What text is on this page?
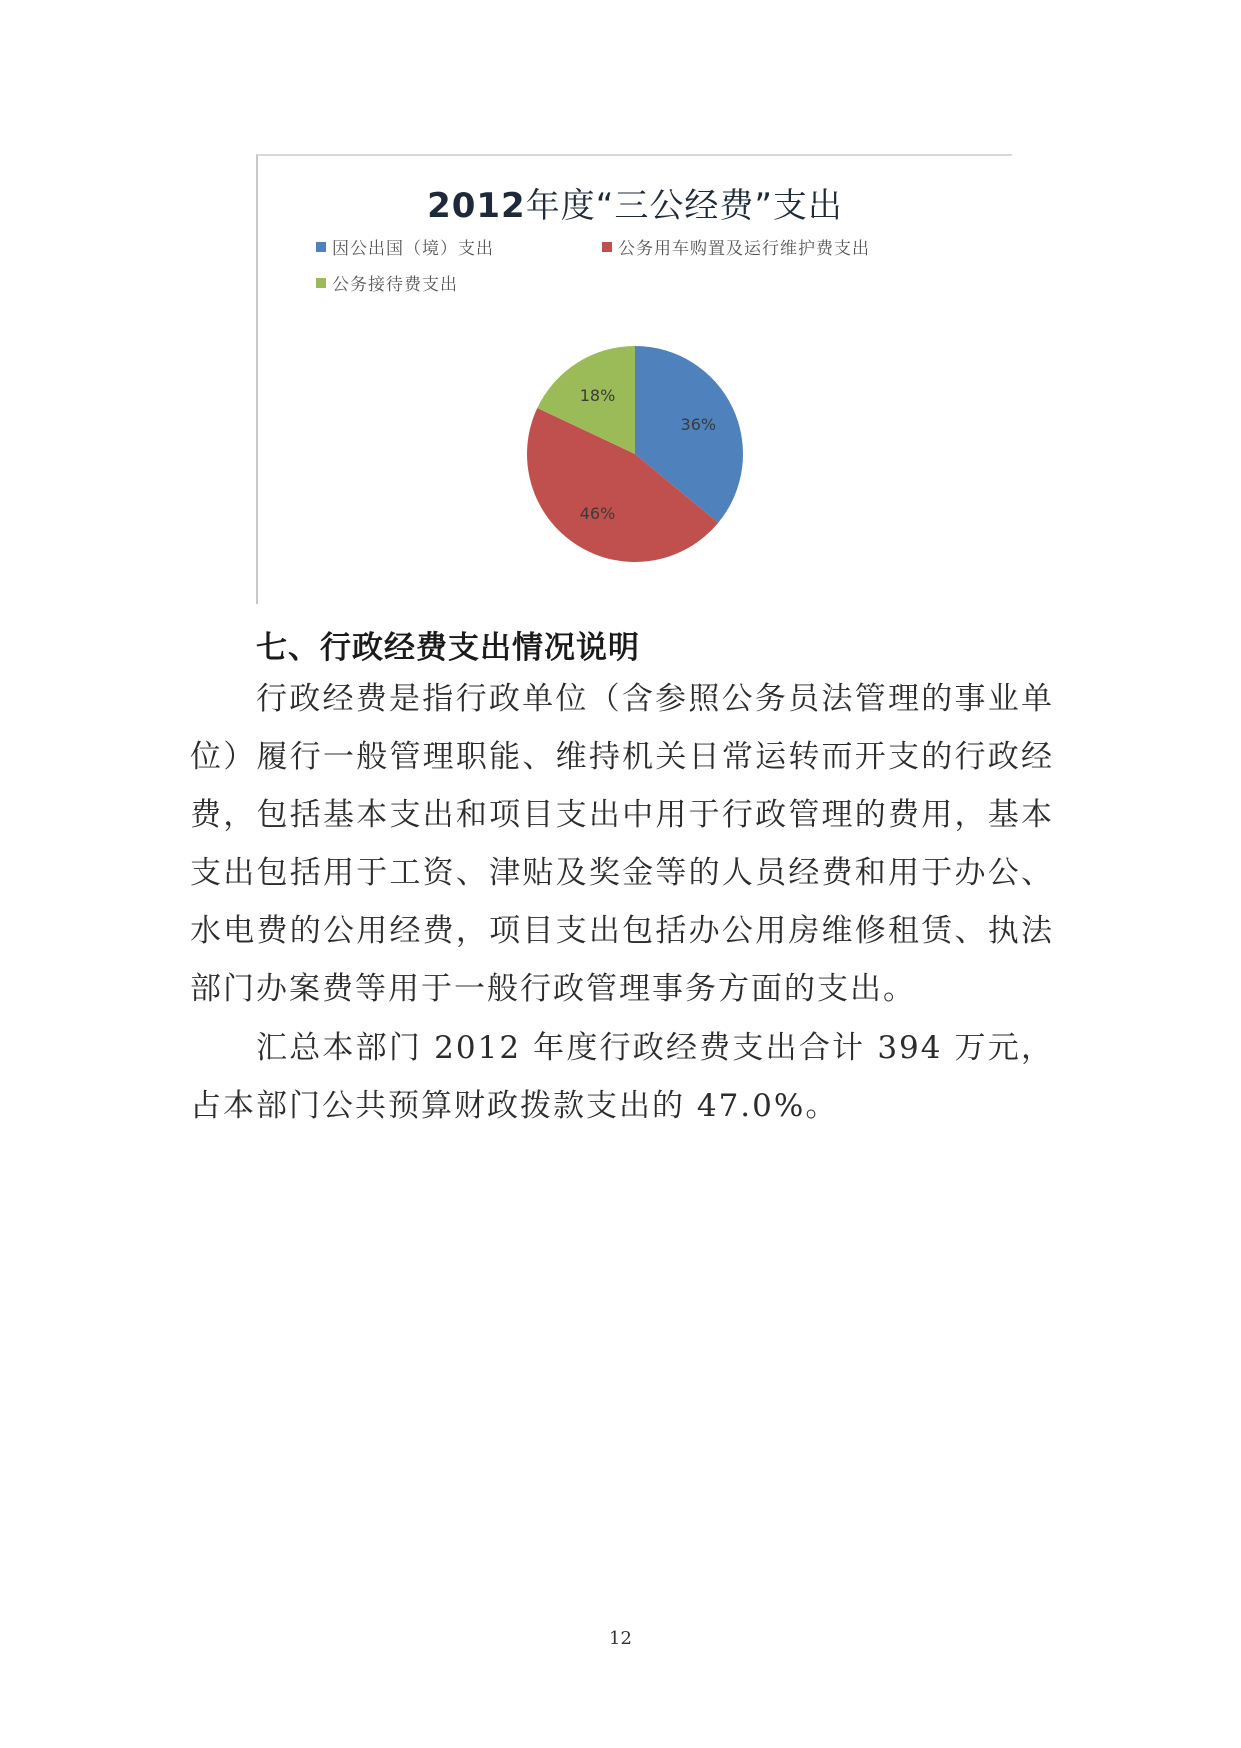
2012年度“三公经费”支出
因公出国（境）支出	公务用车购置及运行维护费支出
公务接待费支出
36%
46%
18%
七、行政经费支出情况说明

行政经费是指行政单位（含参照公务员法管理的事业单位）履行一般管理职能、维持机关日常运转而开支的行政经费，包括基本支出和项目支出中用于行政管理的费用，基本支出包括用于工资、津贴及奖金等的人员经费和用于办公、水电费的公用经费，项目支出包括办公用房维修租赁、执法部门办案费等用于一般行政管理事务方面的支出。

汇总本部门 2012 年度行政经费支出合计 394 万元，占本部门公共预算财政拨款支出的 47.0%。

12
